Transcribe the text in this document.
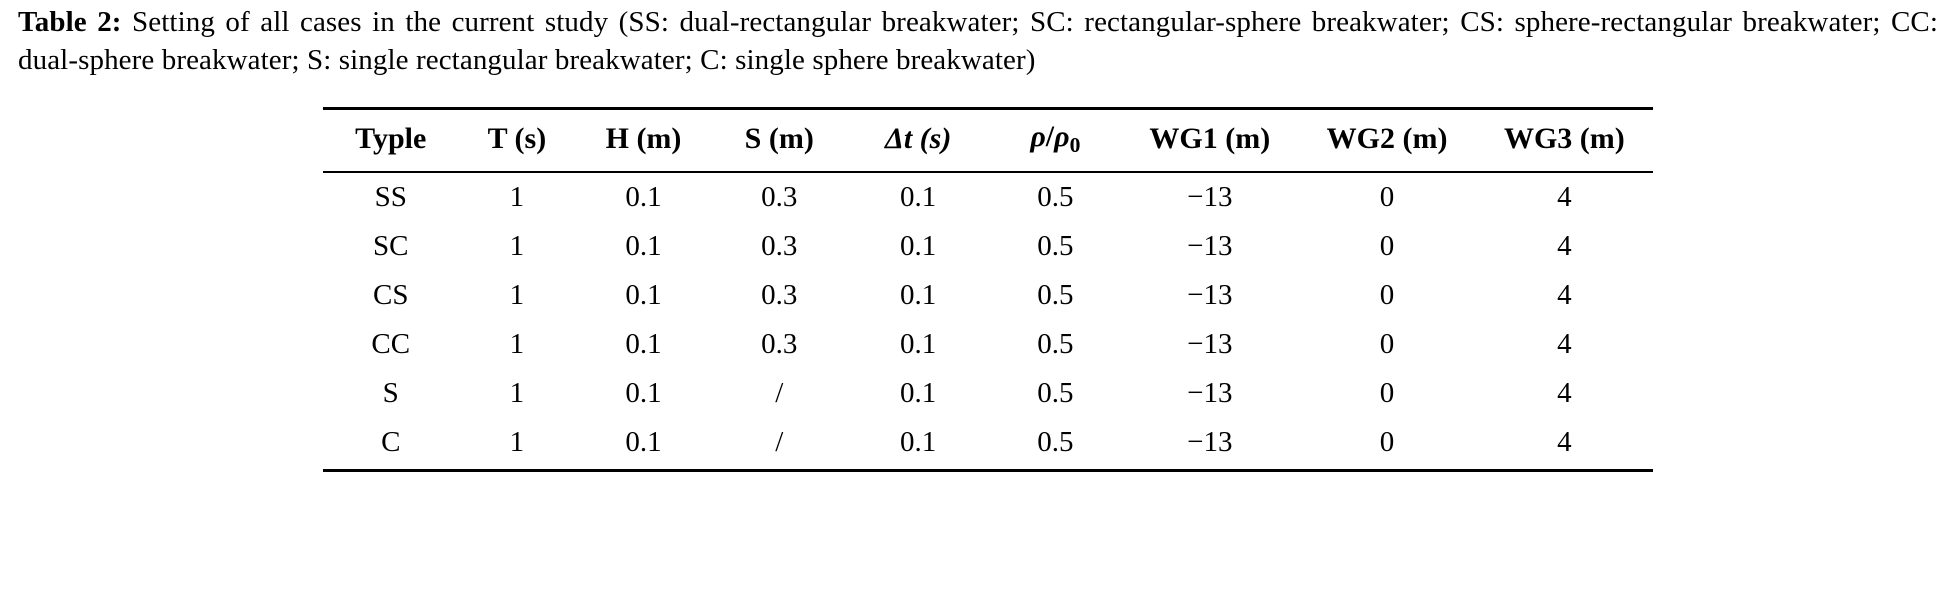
Table 2: Setting of all cases in the current study (SS: dual-rectangular breakwater; SC: rectangular-sphere breakwater; CS: sphere-rectangular breakwater; CC: dual-sphere breakwater; S: single rectangular breakwater; C: single sphere breakwater)

Typle	T (s)	H (m)	S (m)	Δt (s)	$\rho/\rho_0$	WG1 (m)	WG2 (m)	WG3 (m)
SS	1	0.1	0.3	0.1	0.5	−13	0	4
SC	1	0.1	0.3	0.1	0.5	−13	0	4
CS	1	0.1	0.3	0.1	0.5	−13	0	4
CC	1	0.1	0.3	0.1	0.5	−13	0	4
S	1	0.1	/	0.1	0.5	−13	0	4
C	1	0.1	/	0.1	0.5	−13	0	4
